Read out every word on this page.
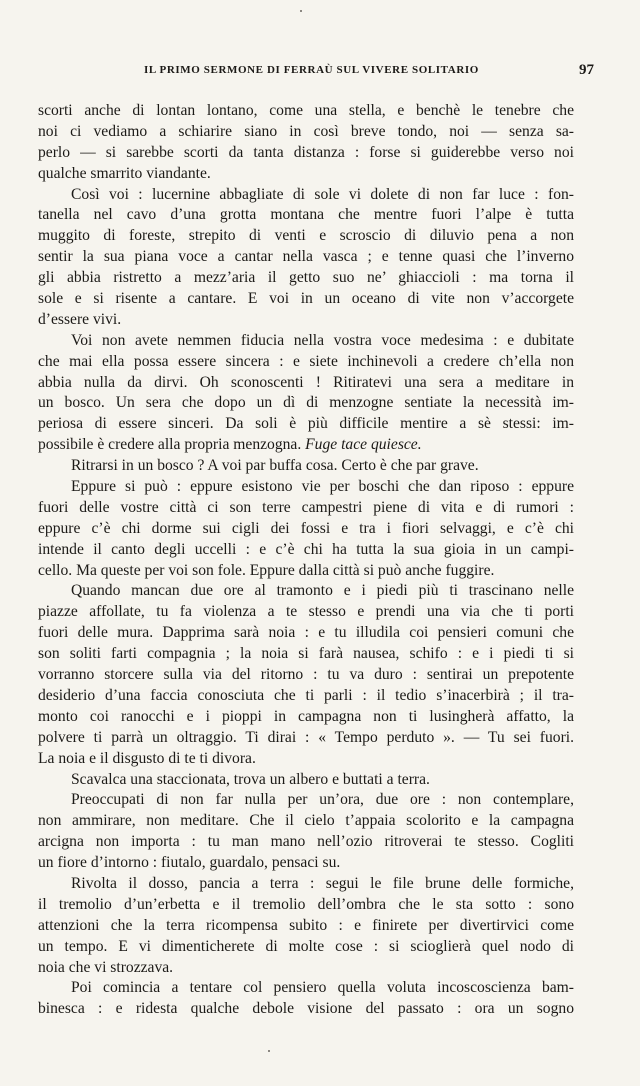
IL PRIMO SERMONE DI FERRAÙ SUL VIVERE SOLITARIO	97
scorti anche di lontan lontano, come una stella, e benchè le tenebre che
noi ci vediamo a schiarire siano in così breve tondo, noi — senza sa-
perlo — si sarebbe scorti da tanta distanza : forse si guiderebbe verso noi
qualche smarrito viandante.
Così voi : lucernine abbagliate di sole vi dolete di non far luce : fon-
tanella nel cavo d’una grotta montana che mentre fuori l’alpe è tutta
muggito di foreste, strepito di venti e scroscio di diluvio pena a non
sentir la sua piana voce a cantar nella vasca ; e tenne quasi che l’inverno
gli abbia ristretto a mezz’aria il getto suo ne’ ghiaccioli : ma torna il
sole e si risente a cantare. E voi in un oceano di vite non v’accorgete
d’essere vivi.
Voi non avete nemmen fiducia nella vostra voce medesima : e dubitate
che mai ella possa essere sincera : e siete inchinevoli a credere ch’ella non
abbia nulla da dirvi. Oh sconoscenti ! Ritiratevi una sera a meditare in
un bosco. Un sera che dopo un dì di menzogne sentiate la necessità im-
periosa di essere sinceri. Da soli è più difficile mentire a sè stessi: im-
possibile è credere alla propria menzogna. Fuge tace quiesce.
Ritrarsi in un bosco ? A voi par buffa cosa. Certo è che par grave.
Eppure si può : eppure esistono vie per boschi che dan riposo : eppure
fuori delle vostre città ci son terre campestri piene di vita e di rumori :
eppure c’è chi dorme sui cigli dei fossi e tra i fiori selvaggi, e c’è chi
intende il canto degli uccelli : e c’è chi ha tutta la sua gioia in un campi-
cello. Ma queste per voi son fole. Eppure dalla città si può anche fuggire.
Quando mancan due ore al tramonto e i piedi più ti trascinano nelle
piazze affollate, tu fa violenza a te stesso e prendi una via che ti porti
fuori delle mura. Dapprima sarà noia : e tu illudila coi pensieri comuni che
son soliti farti compagnia ; la noia si farà nausea, schifo : e i piedi ti si
vorranno storcere sulla via del ritorno : tu va duro : sentirai un prepotente
desiderio d’una faccia conosciuta che ti parli : il tedio s’inacerbirà ; il tra-
monto coi ranocchi e i pioppi in campagna non ti lusingherà affatto, la
polvere ti parrà un oltraggio. Ti dirai : « Tempo perduto ». — Tu sei fuori.
La noia e il disgusto di te ti divora.
Scavalca una staccionata, trova un albero e buttati a terra.
Preoccupati di non far nulla per un’ora, due ore : non contemplare,
non ammirare, non meditare. Che il cielo t’appaia scolorito e la campagna
arcigna non importa : tu man mano nell’ozio ritroverai te stesso. Cogliti
un fiore d’intorno : fiutalo, guardalo, pensaci su.
Rivolta il dosso, pancia a terra : segui le file brune delle formiche,
il tremolio d’un’erbetta e il tremolio dell’ombra che le sta sotto : sono
attenzioni che la terra ricompensa subito : e finirete per divertirvici come
un tempo. E vi dimenticherete di molte cose : si scioglierà quel nodo di
noia che vi strozzava.
Poi comincia a tentare col pensiero quella voluta incoscoscienza bam-
binesca : e ridesta qualche debole visione del passato : ora un sogno
